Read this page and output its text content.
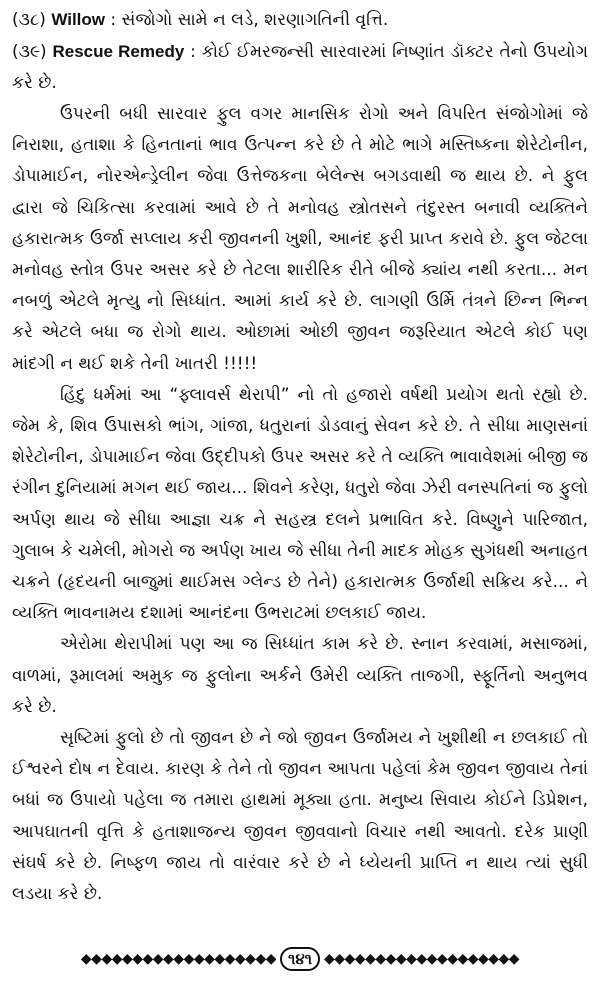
(૩૮) Willow : સંજોગો સામે ન લડે, શરણાગતિની વૃત્તિ.

(૩૯) Rescue Remedy : કોઈ ઈમરજન્સી સારવારમાં નિષ્ણાંત ડૉક્ટર તેનો ઉપયોગ કરે છે.

ઉપરની બધી સારવાર ફુલ વગર માનસિક રોગો અને વિપરિત સંજોગોમાં જે નિરાશા, હતાશા કે હિનતાનાં ભાવ ઉત્પન્ન કરે છે તે મોટે ભાગે મસ્તિષ્કના શેરેટોનીન, ડોપામાઈન, નોરએન્ડ્રેલીન જેવા ઉત્તેજકના બેલેન્સ બગડવાથી જ થાય છે. ને ફુલ દ્વારા જે ચિકિત્સા કરવામાં આવે છે તે મનોવહ સ્ત્રોતસને તંદુરસ્ત બનાવી વ્યક્તિને હકારાત્મક ઉર્જા સપ્લાય કરી જીવનની ખુશી, આનંદ ફરી પ્રાપ્ત કરાવે છે. ફુલ જેટલા મનોવહ સ્તોત્ર ઉપર અસર કરે છે તેટલા શારીરિક રીતે બીજે ક્યાંય નથી કરતા... મન નબળું એટલે મૃત્યુ નો સિધ્ધાંત. આમાં કાર્ય કરે છે. લાગણી ઉર્મિ તંત્રને છિન્ન ભિન્ન કરે એટલે બધા જ રોગો થાય. ઓછામાં ઓછી જીવન જરૂરિયાત એટલે કોઈ પણ માંદગી ન થઈ શકે તેની ખાતરી !!!!!

હિંદુ ધર્મમાં આ “ફ્લાવર્સ થેરાપી” નો તો હજારો વર્ષથી પ્રયોગ થતો રહ્યો છે. જેમ કે, શિવ ઉપાસકો ભાંગ, ગાંજા, ધતુરાનાં ડોડવાનું સેવન કરે છે. તે સીધા માણસનાં શેરેટોનીન, ડોપામાઈન જેવા ઉદ્દીપકો ઉપર અસર કરે તે વ્યક્તિ ભાવાવેશમાં બીજી જ રંગીન દુનિયામાં મગન થઈ જાય... શિવને કરેણ, ધતુરો જેવા ઝેરી વનસ્પતિનાં જ ફુલો અર્પણ થાય જે સીધા આજ્ઞા ચક્ર ને સહસ્ત્ર દલને પ્રભાવિત કરે. વિષ્ણુને પારિજાત, ગુલાબ કે ચમેલી, મોગરો જ અર્પણ ખાય જે સીધા તેની માદક મોહક સુગંધથી અનાહત ચક્રને (હૃદયની બાજુમાં થાઈમસ ગ્લેન્ડ છે તેને) હકારાત્મક ઉર્જાથી સક્રિય કરે... ને વ્યક્તિ ભાવનામય દશામાં આનંદના ઉભરાટમાં છલકાઈ જાય.

એરોમા થેરાપીમાં પણ આ જ સિધ્ધાંત કામ કરે છે. સ્નાન કરવામાં, મસાજમાં, વાળમાં, રૂમાલમાં અમુક જ ફુલોના અર્કને ઉમેરી વ્યક્તિ તાજગી, સ્ફૂર્તિનો અનુભવ કરે છે.

સૃષ્ટિમાં ફુલો છે તો જીવન છે ને જો જીવન ઉર્જામય ને ખુશીથી ન છલકાઈ તો ઈશ્વરને દોષ ન દેવાય. કારણ કે તેને તો જીવન આપતા પહેલાં કેમ જીવન જીવાય તેનાં બધાં જ ઉપાયો પહેલા જ તમારા હાથમાં મૂક્યા હતા. મનુષ્ય સિવાય કોઈને ડિપ્રેશન, આપઘાતની વૃત્તિ કે હતાશાજન્ય જીવન જીવવાનો વિચાર નથી આવતો. દરેક પ્રાણી સંઘર્ષ કરે છે. નિષ્ફળ જાય તો વારંવાર કરે છે ને ધ્યેયની પ્રાપ્તિ ન થાય ત્યાં સુધી લડયા કરે છે.

◆◆◆◆◆◆◆◆◆◆◆◆◆◆◆◆◆◆◆ ૧૪૧ ◆◆◆◆◆◆◆◆◆◆◆◆◆◆◆◆◆◆◆
